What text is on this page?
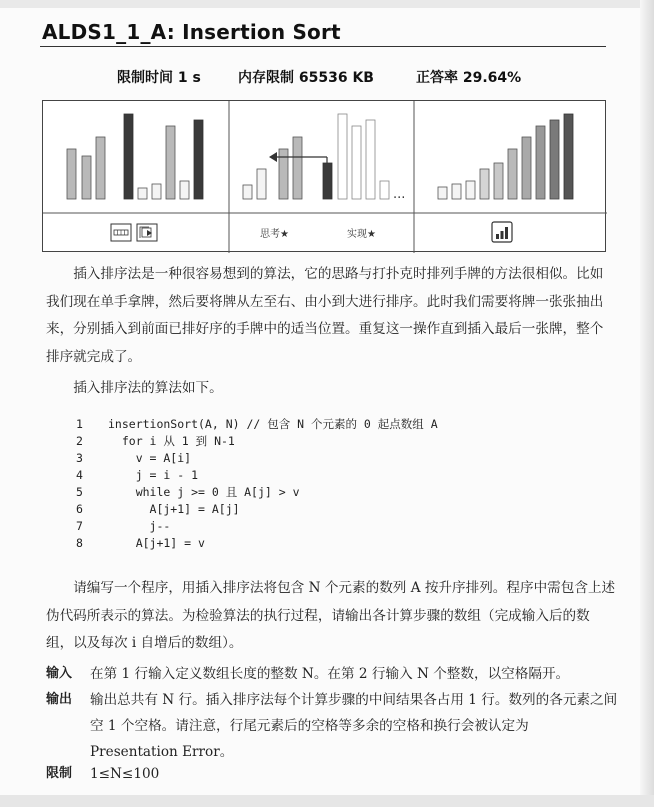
ALDS1_1_A: Insertion Sort
限制时间 1 s	内存限制 65536 KB	正答率 29.64%
...
思考★	实现★

插入排序法是一种很容易想到的算法，它的思路与打扑克时排列手牌的方法很相似。比如我们现在单手拿牌，然后要将牌从左至右、由小到大进行排序。此时我们需要将牌一张张抽出来，分别插入到前面已排好序的手牌中的适当位置。重复这一操作直到插入最后一张牌，整个排序就完成了。

插入排序法的算法如下。

1	insertionSort(A, N) // 包含 N 个元素的 0 起点数组 A
2	for i 从 1 到 N-1
3	v = A[i]
4	j = i - 1
5	while j >= 0 且 A[j] > v
6	A[j+1] = A[j]
7	j--
8	A[j+1] = v

请编写一个程序，用插入排序法将包含 N 个元素的数列 A 按升序排列。程序中需包含上述伪代码所表示的算法。为检验算法的执行过程，请输出各计算步骤的数组（完成输入后的数组，以及每次 i 自增后的数组）。

输入 在第 1 行输入定义数组长度的整数 N。在第 2 行输入 N 个整数，以空格隔开。
输出 输出总共有 N 行。插入排序法每个计算步骤的中间结果各占用 1 行。数列的各元素之间空 1 个空格。请注意，行尾元素后的空格等多余的空格和换行会被认定为 Presentation Error。
限制 1≤N≤100
